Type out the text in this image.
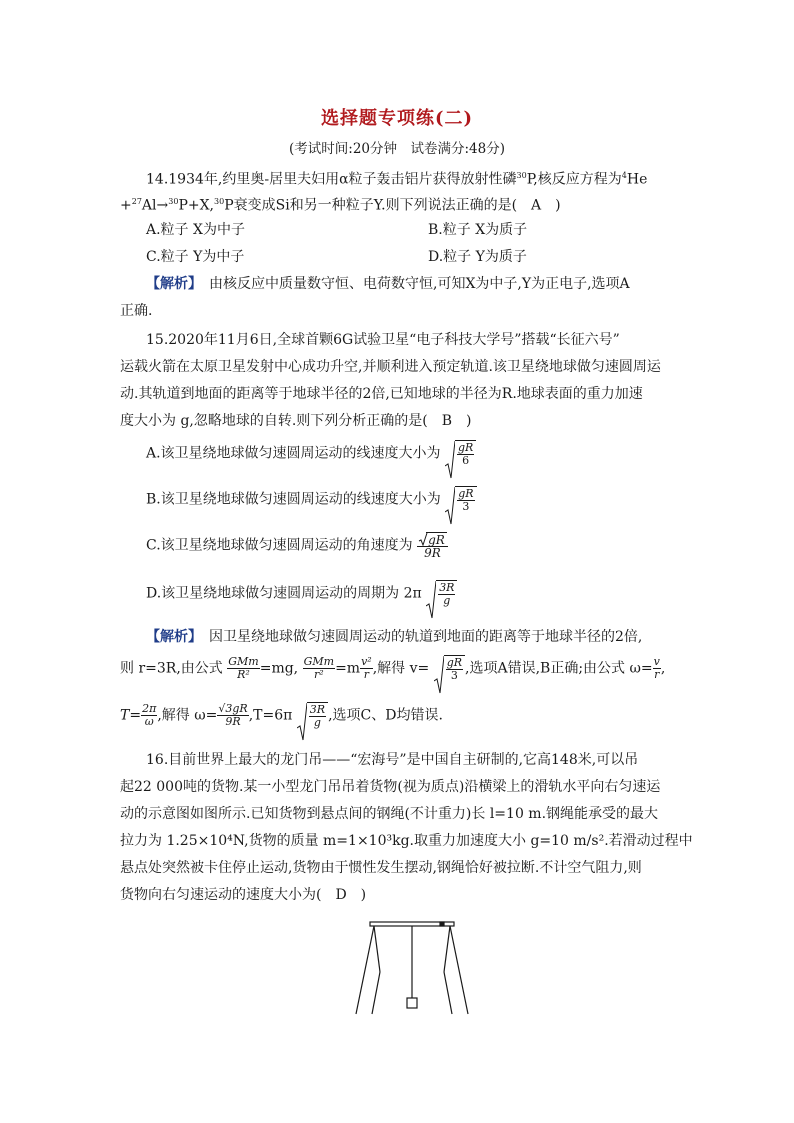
选择题专项练(二)
(考试时间:20分钟　试卷满分:48分)
14.1934年,约里奥-居里夫妇用α粒子轰击铝片获得放射性磷$^{30}$P,核反应方程为$^4$He
+$^{27}$Al→$^{30}$P+X,$^{30}$P衰变成Si和另一种粒子Y.则下列说法正确的是(　A　)
A.粒子 X为中子	B.粒子 X为质子
C.粒子 Y为中子	D.粒子 Y为质子
【解析】　由核反应中质量数守恒、电荷数守恒,可知X为中子,Y为正电子,选项A
正确.
15.2020年11月6日,全球首颗6G试验卫星“电子科技大学号”搭载“长征六号”
运载火箭在太原卫星发射中心成功升空,并顺利进入预定轨道.该卫星绕地球做匀速圆周运
动.其轨道到地面的距离等于地球半径的2倍,已知地球的半径为R.地球表面的重力加速
度大小为 g,忽略地球的自转.则下列分析正确的是(　B　)
A.该卫星绕地球做匀速圆周运动的线速度大小为 $\frac{gR}{6}$
B.该卫星绕地球做匀速圆周运动的线速度大小为 $\frac{gR}{3}$
C.该卫星绕地球做匀速圆周运动的角速度为 $\frac{gR}{9R}$
D.该卫星绕地球做匀速圆周运动的周期为 $2\pi \frac{3R}{g}$
【解析】　因卫星绕地球做匀速圆周运动的轨道到地面的距离等于地球半径的2倍,
则 r=3R,由公式 $\frac{\text{GMm}}{\text{R²}} =mg$, $\frac{\text{GMm}}{\text{r²}} =m \frac{\text{v²}}{r}$ ,解得 $v= \frac{gR}{3}$ ,选项A错误,B正确;由公式 $\omega= \frac{v}{r}$ ,
$T= \frac{2\pi}{\omega}$ ,解得 $\omega= \frac{√3gR}{9R} ,T=6\pi \frac{3R}{g}$ ,选项C、D均错误.
16.目前世界上最大的龙门吊——“宏海号”是中国自主研制的,它高148米,可以吊
起22 000吨的货物.某一小型龙门吊吊着货物(视为质点)沿横梁上的滑轨水平向右匀速运
动的示意图如图所示.已知货物到悬点间的钢绳(不计重力)长 l=10 m.钢绳能承受的最大
拉力为 1.25×10⁴N,货物的质量 m=1×10³kg.取重力加速度大小 g=10 m/s².若滑动过程中
悬点处突然被卡住停止运动,货物由于惯性发生摆动,钢绳恰好被拉断.不计空气阻力,则
货物向右匀速运动的速度大小为(　D　)
